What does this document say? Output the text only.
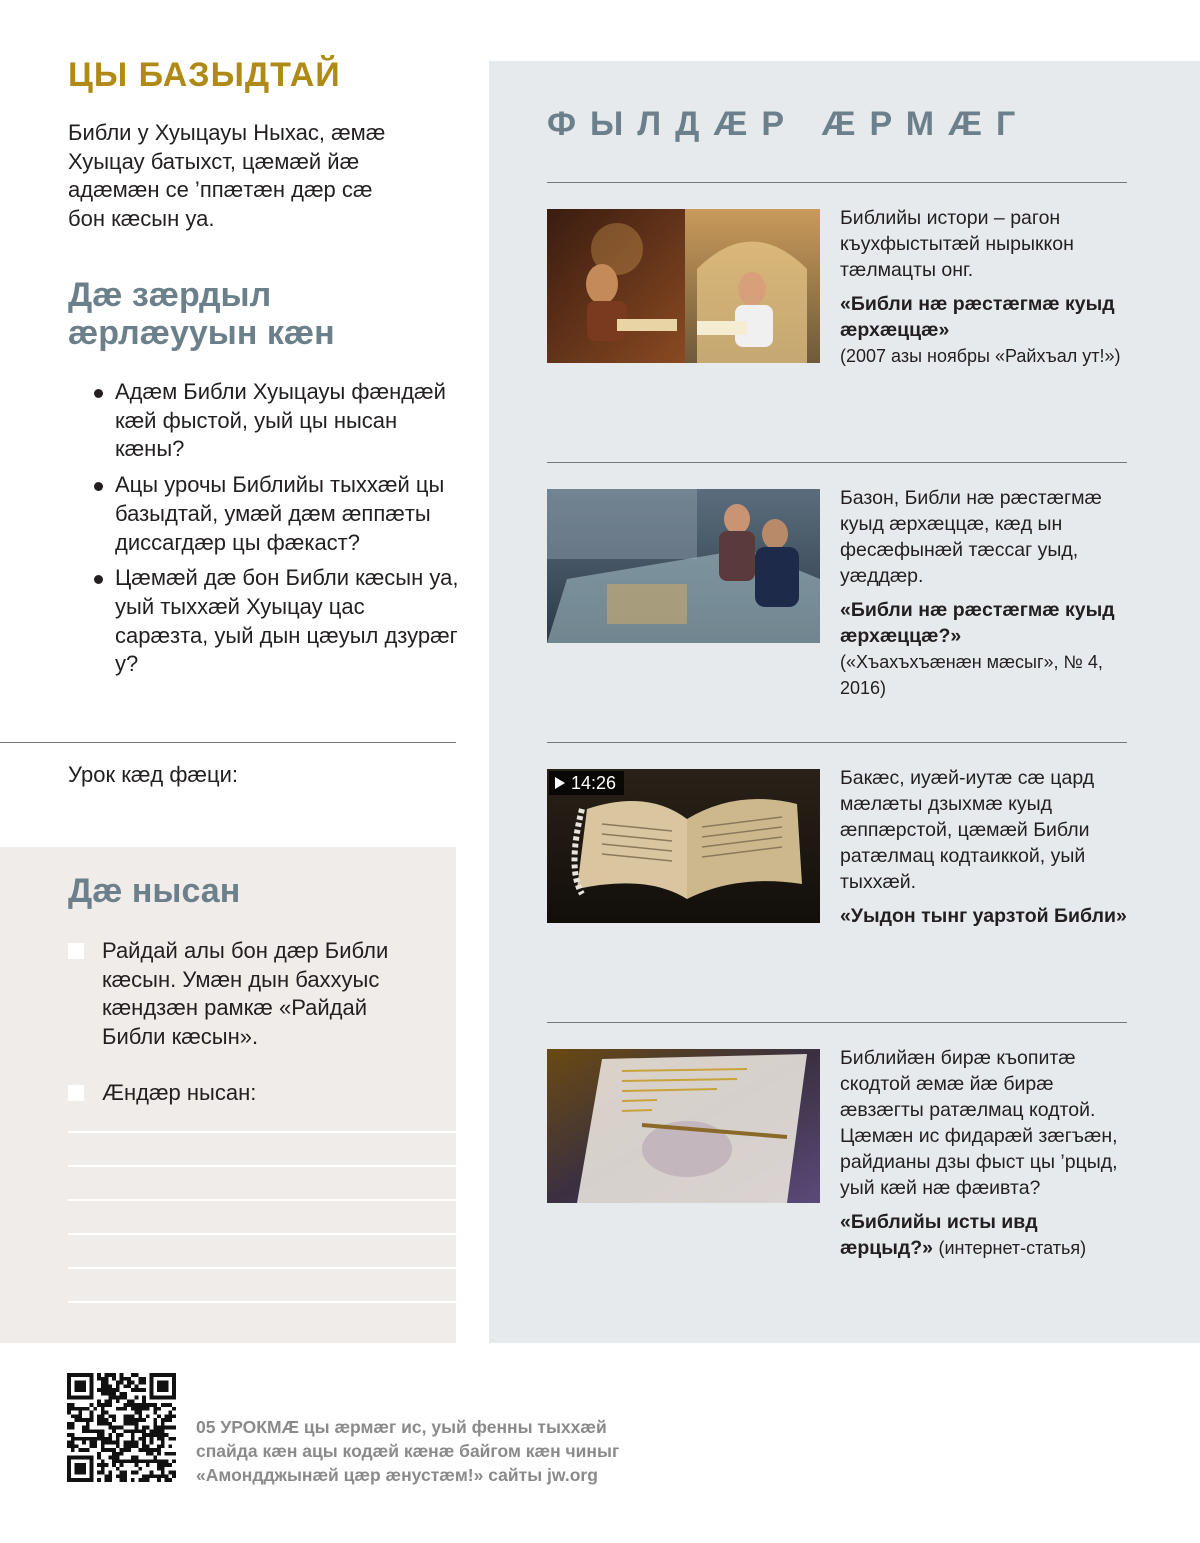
ЦЫ БАЗЫДТАЙ

Библи у Хуыцауы Ныхас, æмæ Хуыцау батыхст, цæмæй йæ адæмæн се ’ппæтæн дæр сæ бон кæсын уа.

Дæ зæрдыл æрлæууын кæн
Адæм Библи Хуыцауы фæндæй кæй фыстой, уый цы нысан кæны?
Ацы урочы Библийы тыххæй цы базыдтай, умæй дæм æппæты диссагдæр цы фæкаст?
Цæмæй дæ бон Библи кæсын уа, уый тыххæй Хуыцау цас сарæзта, уый дын цæуыл дзурæг у?
Урок кæд фæци:
Дæ нысан
Райдай алы бон дæр Библи кæсын. Умæн дын баххуыс кæндзæн рамкæ «Райдай Библи кæсын».
Æндæр нысан:
ФЫЛДÆР ÆРМÆГ
Библийы истори – рагон къухфыстытæй нырыккон тæлмацты онг.
«Библи нæ рæстæгмæ куыд æрхæццæ»
(2007 азы ноябры «Райхъал ут!»)
Базон, Библи нæ рæстæгмæ куыд æрхæццæ, кæд ын фесæфынæй тæссаг уыд, уæддæр.
«Библи нæ рæстæгмæ куыд æрхæццæ?»
(«Хъахъхъæнæн мæсыг», № 4, 2016)
14:26	Бакæс, иуæй-иутæ сæ цард мæлæты дзыхмæ куыд æппæрстой, цæмæй Библи ратæлмац кодтаиккой, уый тыххæй.
«Уыдон тынг уарзтой Библи»
Библийæн бирæ къопитæ скодтой æмæ йæ бирæ æвзæгты ратæлмац кодтой. Цæмæн ис фидарæй зæгъæн, райдианы дзы фыст цы ’рцыд, уый кæй нæ фæивта?
«Библийы исты ивд æрцыд?» (интернет-статья)

05 УРОКМÆ цы æрмæг ис, уый фенны тыххæй спайда кæн ацы кодæй кæнæ байгом кæн чиныг «Амондджынæй цæр æнустæм!» сайты jw.org
